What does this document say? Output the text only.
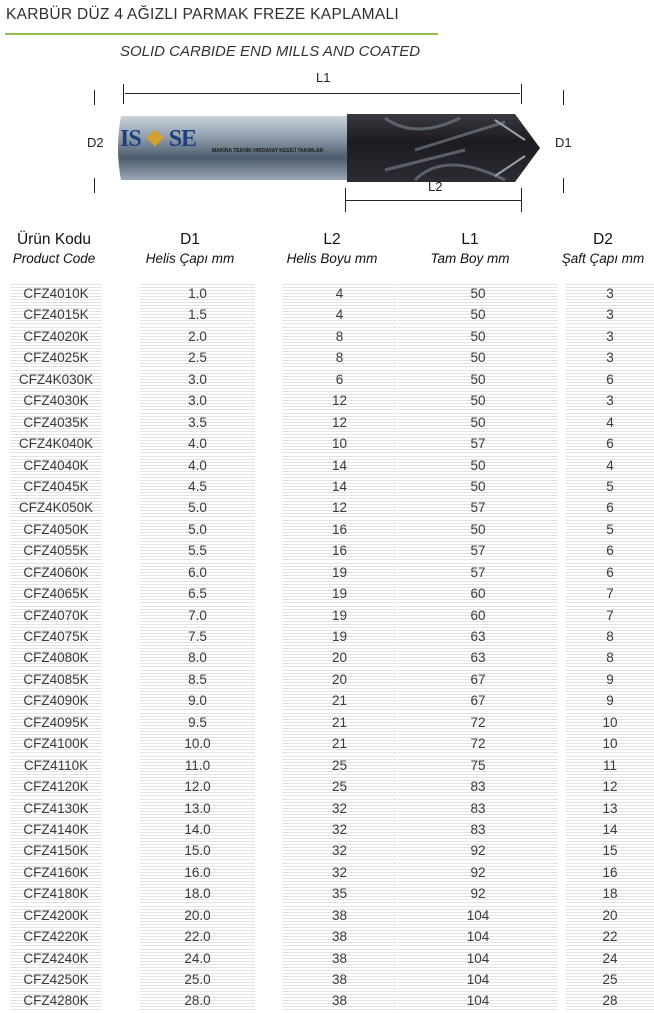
KARBÜR DÜZ 4 AĞIZLI PARMAK FREZE KAPLAMALI
SOLID CARBIDE END MILLS AND COATED
L1
D2	D1
IS SE	MAKİNA TEKNİK HIRDAVAT KESİCİ TAKIMLAR
L2
Ürün Kodu
Product Code
D1
Helis Çapı mm
L2
Helis Boyu mm
L1
Tam Boy mm
D2
Şaft Çapı mm
CFZ4010K	1.0	4	50	3
CFZ4015K	1.5	4	50	3
CFZ4020K	2.0	8	50	3
CFZ4025K	2.5	8	50	3
CFZ4K030K	3.0	6	50	6
CFZ4030K	3.0	12	50	3
CFZ4035K	3.5	12	50	4
CFZ4K040K	4.0	10	57	6
CFZ4040K	4.0	14	50	4
CFZ4045K	4.5	14	50	5
CFZ4K050K	5.0	12	57	6
CFZ4050K	5.0	16	50	5
CFZ4055K	5.5	16	57	6
CFZ4060K	6.0	19	57	6
CFZ4065K	6.5	19	60	7
CFZ4070K	7.0	19	60	7
CFZ4075K	7.5	19	63	8
CFZ4080K	8.0	20	63	8
CFZ4085K	8.5	20	67	9
CFZ4090K	9.0	21	67	9
CFZ4095K	9.5	21	72	10
CFZ4100K	10.0	21	72	10
CFZ4110K	11.0	25	75	11
CFZ4120K	12.0	25	83	12
CFZ4130K	13.0	32	83	13
CFZ4140K	14.0	32	83	14
CFZ4150K	15.0	32	92	15
CFZ4160K	16.0	32	92	16
CFZ4180K	18.0	35	92	18
CFZ4200K	20.0	38	104	20
CFZ4220K	22.0	38	104	22
CFZ4240K	24.0	38	104	24
CFZ4250K	25.0	38	104	25
CFZ4280K	28.0	38	104	28
